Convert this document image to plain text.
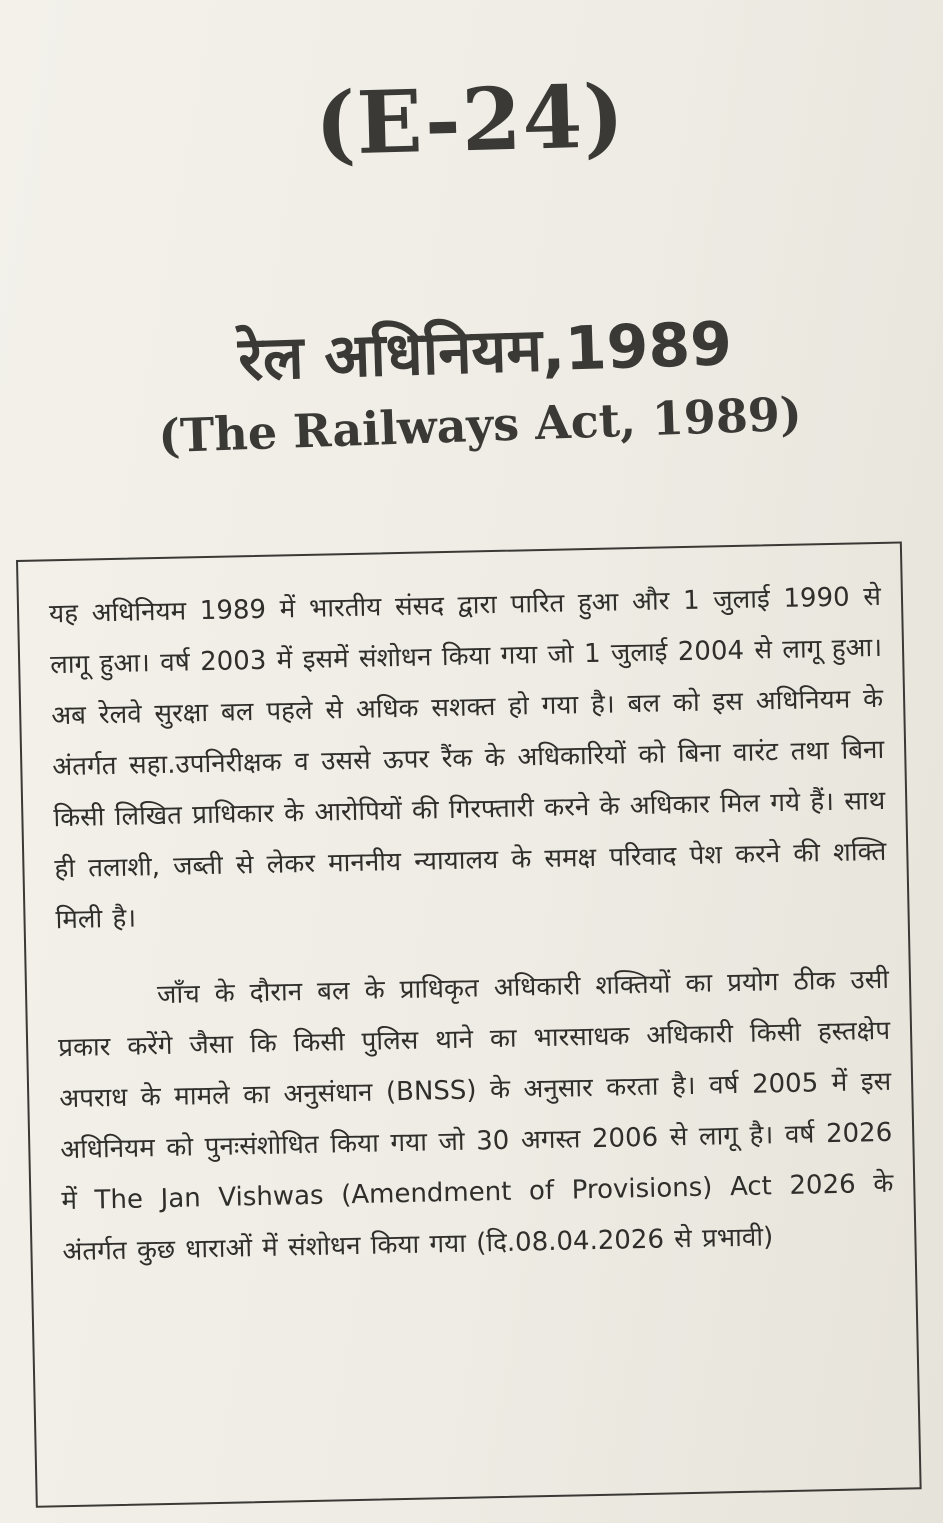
(E-24)
रेल अधिनियम,1989
(The Railways Act, 1989)

यह अधिनियम 1989 में भारतीय संसद द्वारा पारित हुआ और 1 जुलाई 1990 से लागू हुआ। वर्ष 2003 में इसमें संशोधन किया गया जो 1 जुलाई 2004 से लागू हुआ। अब रेलवे सुरक्षा बल पहले से अधिक सशक्त हो गया है। बल को इस अधिनियम के अंतर्गत सहा.उपनिरीक्षक व उससे ऊपर रैंक के अधिकारियों को बिना वारंट तथा बिना किसी लिखित प्राधिकार के आरोपियों की गिरफ्तारी करने के अधिकार मिल गये हैं। साथ ही तलाशी, जब्ती से लेकर माननीय न्यायालय के समक्ष परिवाद पेश करने की शक्ति मिली है।

जाँच के दौरान बल के प्राधिकृत अधिकारी शक्तियों का प्रयोग ठीक उसी प्रकार करेंगे जैसा कि किसी पुलिस थाने का भारसाधक अधिकारी किसी हस्तक्षेप अपराध के मामले का अनुसंधान (BNSS) के अनुसार करता है। वर्ष 2005 में इस अधिनियम को पुनःसंशोधित किया गया जो 30 अगस्त 2006 से लागू है। वर्ष 2026 में The Jan Vishwas (Amendment of Provisions) Act 2026 के अंतर्गत कुछ धाराओं में संशोधन किया गया (दि.08.04.2026 से प्रभावी)
